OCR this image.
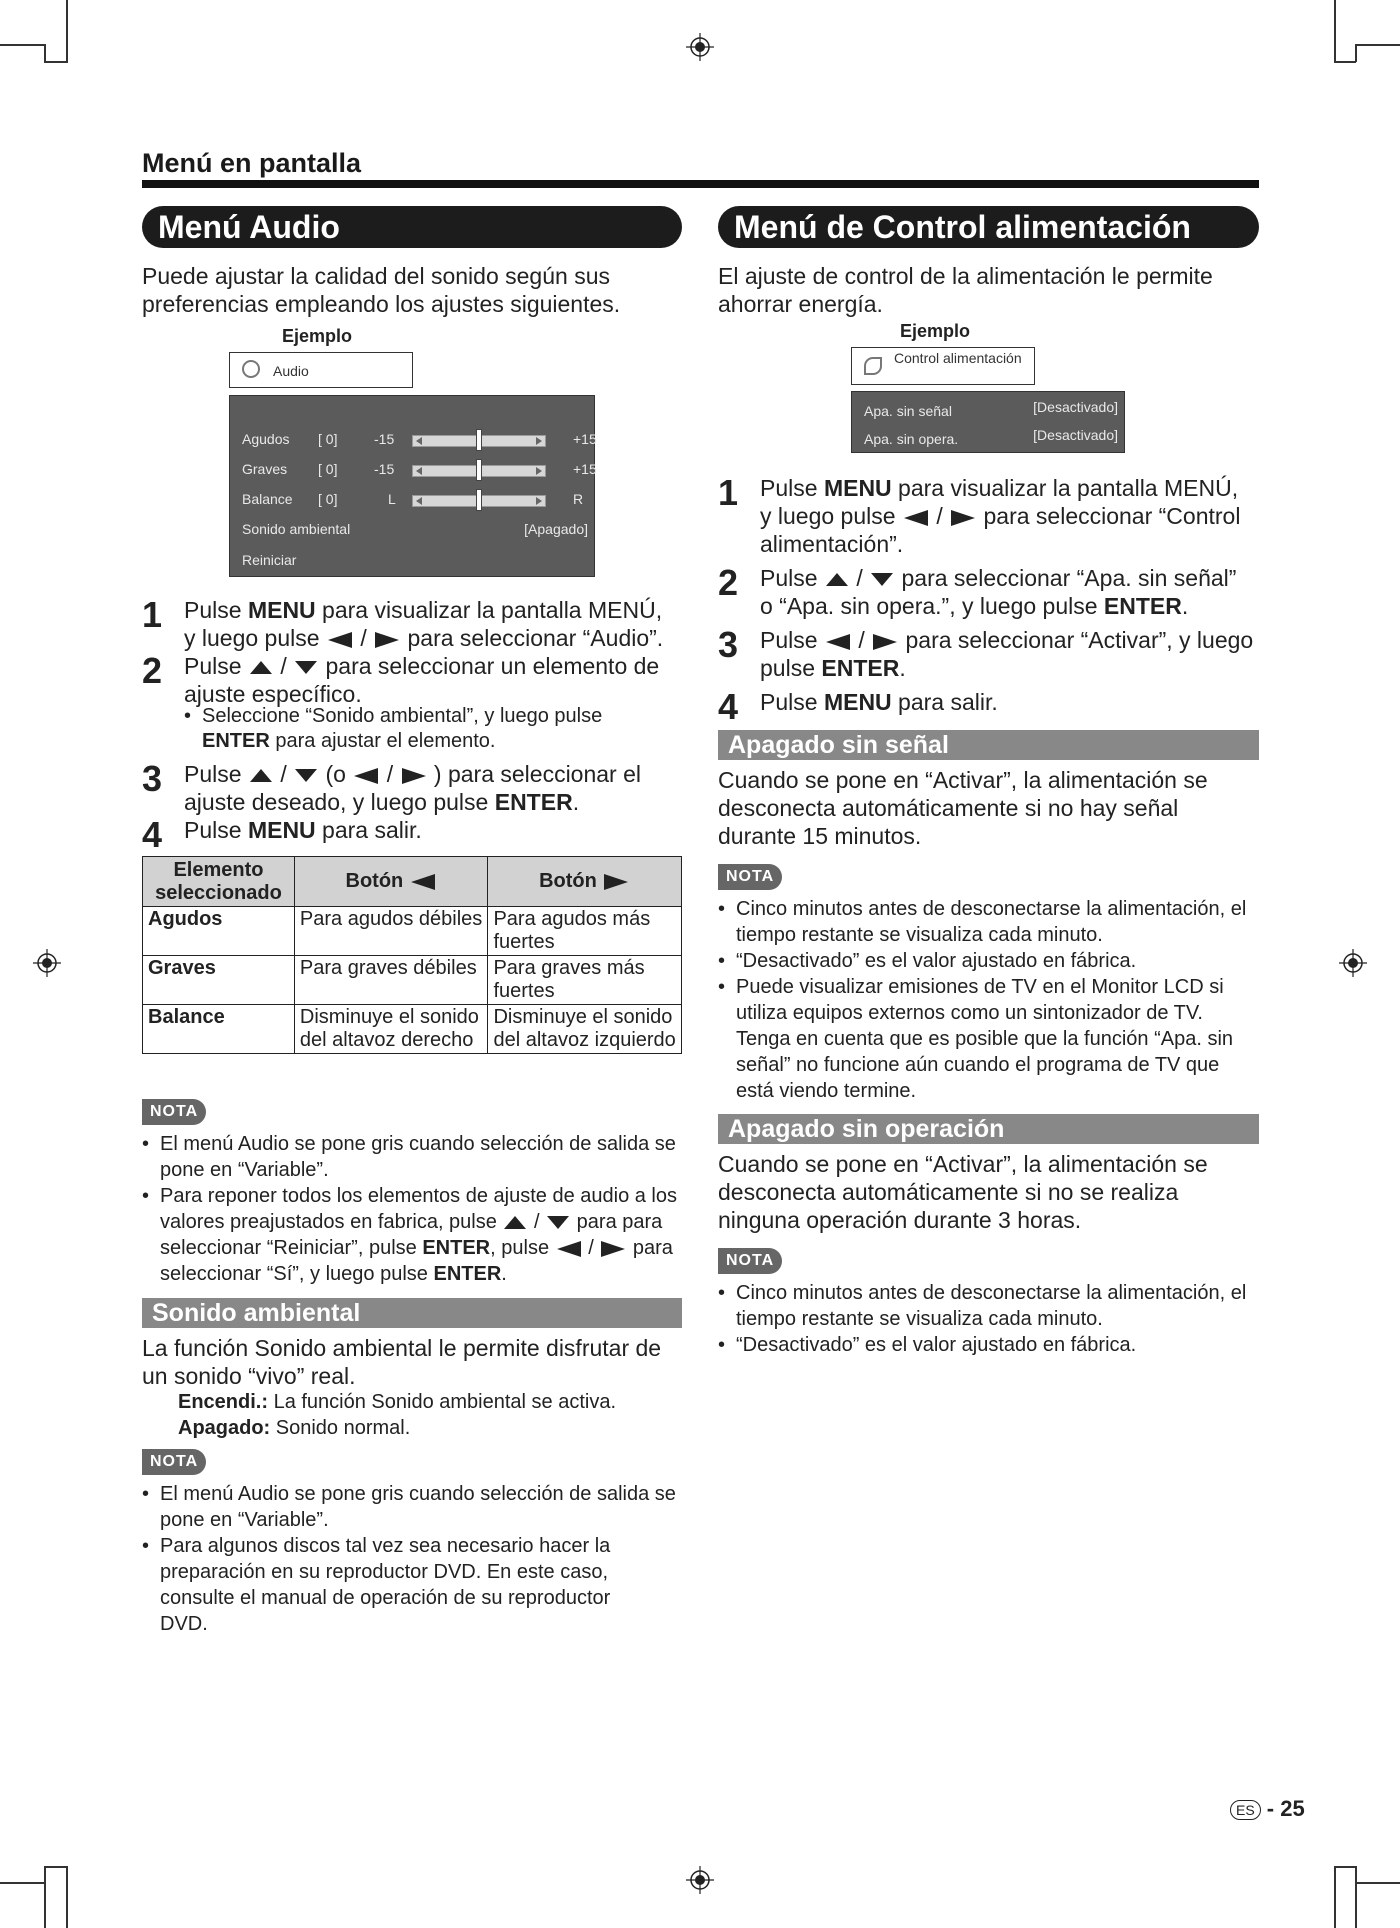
Menú en pantalla
Menú Audio
Puede ajustar la calidad del sonido según sus preferencias empleando los ajustes siguientes.
Ejemplo
Audio
Agudos [ 0]	-15	+15
Graves [ 0]	-15	+15
Balance [ 0]	L	R
Sonido ambiental	[Apagado]
Reiniciar
1 Pulse MENU para visualizar la pantalla MENÚ,
y luego pulse  /  para seleccionar “Audio”.
2 Pulse  /  para seleccionar un elemento de
ajuste específico.
• Seleccione “Sonido ambiental”, y luego pulse
ENTER para ajustar el elemento.
3 Pulse  /  (o  /  ) para seleccionar el
ajuste deseado, y luego pulse ENTER.
4 Pulse MENU para salir.
Elemento seleccionado	Botón	Botón
Agudos	Para agudos débiles	Para agudos más fuertes
Graves	Para graves débiles	Para graves más fuertes
Balance	Disminuye el sonido del altavoz derecho	Disminuye el sonido del altavoz izquierdo
NOTA
• El menú Audio se pone gris cuando selección de salida se pone en “Variable”.
• Para reponer todos los elementos de ajuste de audio a los valores preajustados en fabrica, pulse  /  para para seleccionar “Reiniciar”, pulse ENTER, pulse  /  para seleccionar “Sí”, y luego pulse ENTER.
Sonido ambiental
La función Sonido ambiental le permite disfrutar de un sonido “vivo” real.
Encendi.: La función Sonido ambiental se activa.
Apagado: Sonido normal.
NOTA
• El menú Audio se pone gris cuando selección de salida se pone en “Variable”.
• Para algunos discos tal vez sea necesario hacer la preparación en su reproductor DVD. En este caso, consulte el manual de operación de su reproductor DVD.
Menú de Control alimentación
El ajuste de control de la alimentación le permite ahorrar energía.
Ejemplo
Control alimentación
Apa. sin señal	[Desactivado]
Apa. sin opera.	[Desactivado]
1 Pulse MENU para visualizar la pantalla MENÚ,
y luego pulse  /  para seleccionar “Control
alimentación”.
2 Pulse  /  para seleccionar “Apa. sin señal”
o “Apa. sin opera.”, y luego pulse ENTER.
3 Pulse  /  para seleccionar “Activar”, y luego
pulse ENTER.
4 Pulse MENU para salir.
Apagado sin señal
Cuando se pone en “Activar”, la alimentación se desconecta automáticamente si no hay señal durante 15 minutos.
NOTA
• Cinco minutos antes de desconectarse la alimentación, el tiempo restante se visualiza cada minuto.
• “Desactivado” es el valor ajustado en fábrica.
• Puede visualizar emisiones de TV en el Monitor LCD si utiliza equipos externos como un sintonizador de TV. Tenga en cuenta que es posible que la función “Apa. sin señal” no funcione aún cuando el programa de TV que está viendo termine.
Apagado sin operación
Cuando se pone en “Activar”, la alimentación se desconecta automáticamente si no se realiza ninguna operación durante 3 horas.
NOTA
• Cinco minutos antes de desconectarse la alimentación, el tiempo restante se visualiza cada minuto.
• “Desactivado” es el valor ajustado en fábrica.
ES - 25
